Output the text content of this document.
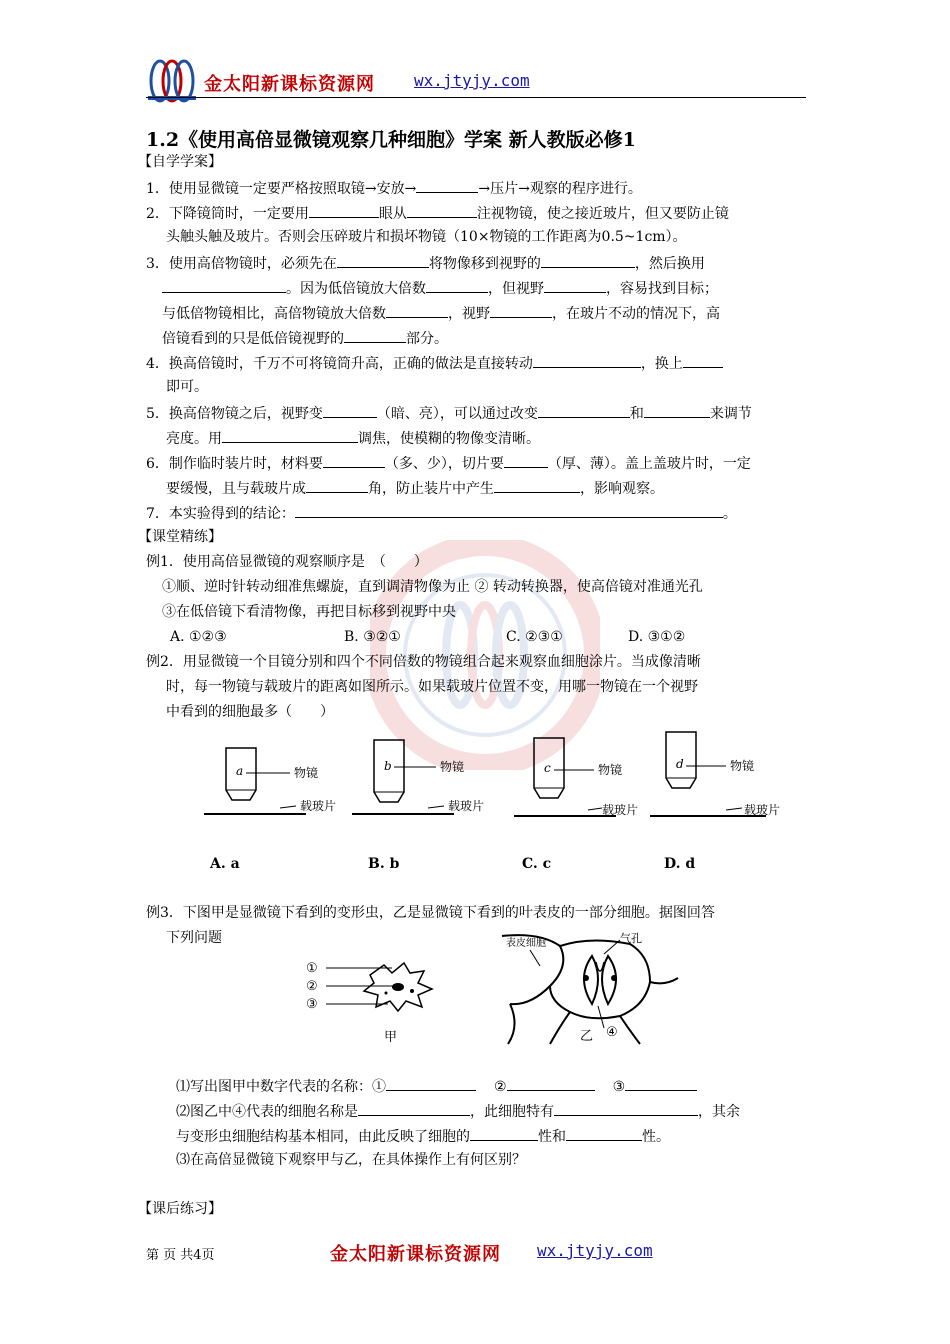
金太阳新课标资源网 wx.jtyjy.com
1.2《使用高倍显微镜观察几种细胞》学案 新人教版必修1
【自学学案】
1．使用显微镜一定要严格按照取镜→安放→	→压片→观察的程序进行。
2．下降镜筒时，一定要用	眼从	注视物镜，使之接近玻片，但又要防止镜
头触头触及玻片。否则会压碎玻片和损坏物镜（10×物镜的工作距离为0.5~1cm）。
3．使用高倍物镜时，必须先在	将物像移到视野的	，然后换用
。因为低倍镜放大倍数	，但视野	，容易找到目标；
与低倍物镜相比，高倍物镜放大倍数	，视野	，在玻片不动的情况下，高
倍镜看到的只是低倍镜视野的	部分。
4．换高倍镜时，千万不可将镜筒升高，正确的做法是直接转动	，换上
即可。
5．换高倍物镜之后，视野变	（暗、亮），可以通过改变	和	来调节
亮度。用	调焦，使模糊的物像变清晰。
6．制作临时装片时，材料要	（多、少），切片要	（厚、薄）。盖上盖玻片时，一定
要缓慢，且与载玻片成	角，防止装片中产生	，影响观察。
7．本实验得到的结论：	。
【课堂精练】
例1．使用高倍显微镜的观察顺序是　（　　）
①顺、逆时针转动细准焦螺旋，直到调清物像为止 ② 转动转换器，使高倍镜对准通光孔
③在低倍镜下看清物像，再把目标移到视野中央
A. ①②③	B. ③②①	C. ②③①	D. ③①②
例2．用显微镜一个目镜分别和四个不同倍数的物镜组合起来观察血细胞涂片。当成像清晰
时，每一物镜与载玻片的距离如图所示。如果载玻片位置不变，用哪一物镜在一个视野
中看到的细胞最多（　　）
a	物镜
载玻片
A. a
b	物镜
载玻片
B. b
c	物镜
载玻片
C. c
d	物镜
载玻片
D. d
例3．下图甲是显微镜下看到的变形虫，乙是显微镜下看到的叶表皮的一部分细胞。据图回答
下列问题
①
②
③
甲
表皮细胞	气孔
乙 ④
⑴写出图甲中数字代表的名称：①	②	③
⑵图乙中④代表的细胞名称是	，此细胞特有	，其余
与变形虫细胞结构基本相同，由此反映了细胞的	性和	性。
⑶在高倍显微镜下观察甲与乙，在具体操作上有何区别？
【课后练习】
第 页 共4页	金太阳新课标资源网 wx.jtyjy.com
